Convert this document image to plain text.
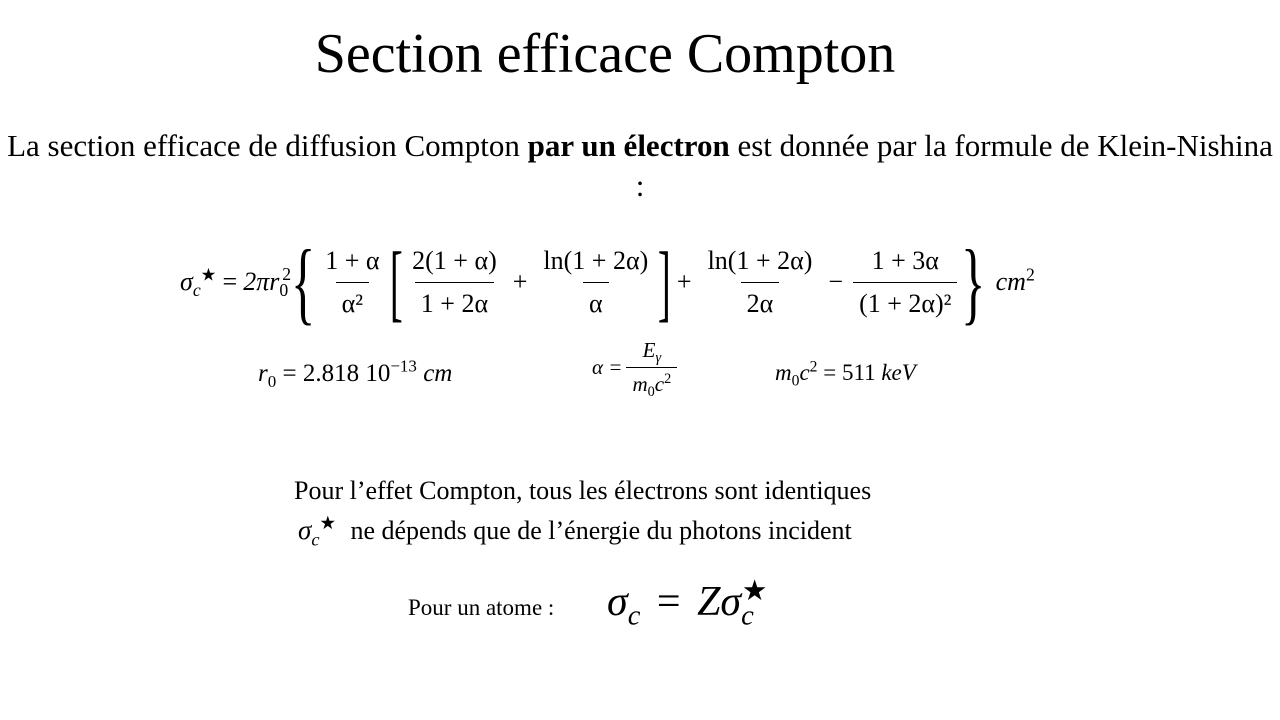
Section efficace Compton
La section efficace de diffusion Compton par un électron est donnée par la formule de Klein-Nishina :
$\sigma_c^★ = 2\pi r_0^2$ { $\frac{1 + \alpha}{\text{α²}}$ [ $\frac{2(1 + \alpha)}{1 + 2\alpha} + \frac{\ln(1 + 2\alpha)}{\alpha}$ ] + $\frac{\ln(1 + 2\alpha)}{2\alpha} - \frac{1 + 3\alpha}{\text{(1 + 2α)²}}$ } $cm^2$
$r_0 = 2.818$ $10^{-13}$ cm	$\alpha = \frac{E_\gamma}{m_0c^2}$	$m_0c^2 = 511$ keV
Pour l’effet Compton, tous les électrons sont identiques
$\sigma_c^★$ ne dépends que de l’énergie du photons incident
Pour un atome : $\sigma_c = Z\sigma_c^★$
